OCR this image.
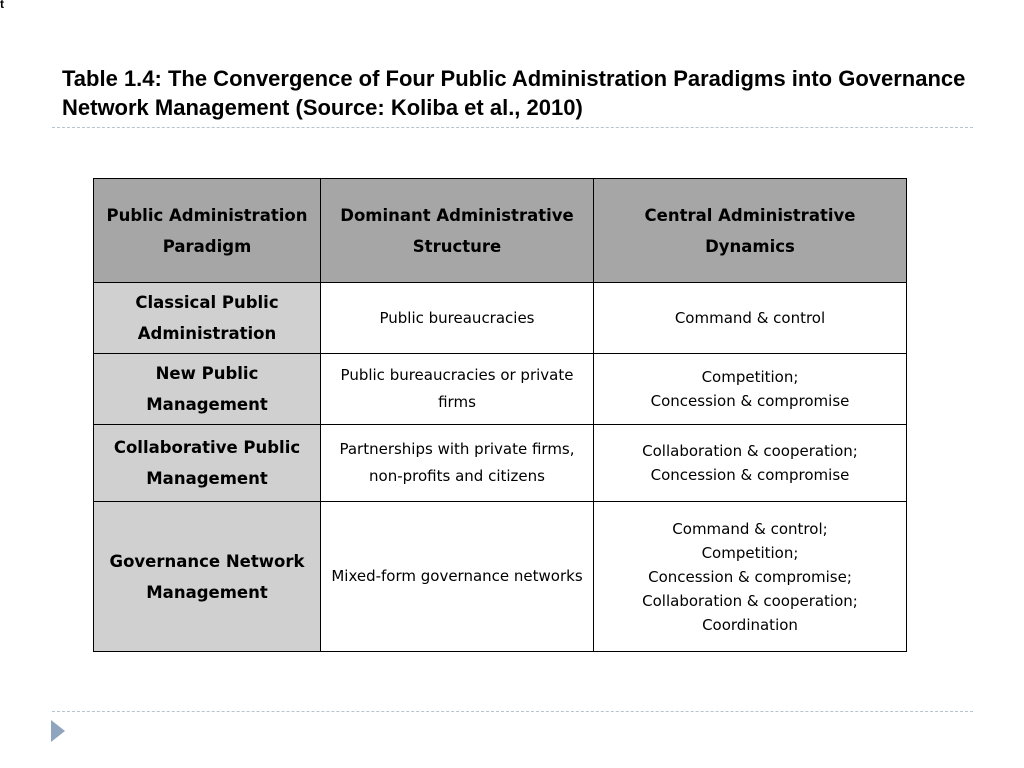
t
Table 1.4: The Convergence of Four Public Administration Paradigms into Governance Network Management (Source: Koliba et al., 2010)
Public Administration Paradigm	Dominant Administrative Structure	Central Administrative Dynamics
Classical Public Administration	Public bureaucracies	Command & control

New Public Management	Public bureaucracies or private firms	Competition;
Concession & compromise

Collaborative Public Management	Partnerships with private firms, non-profits and citizens	Collaboration & cooperation;
Concession & compromise

Governance Network Management	Mixed-form governance networks	Command & control;
Competition;
Concession & compromise;
Collaboration & cooperation;
Coordination
